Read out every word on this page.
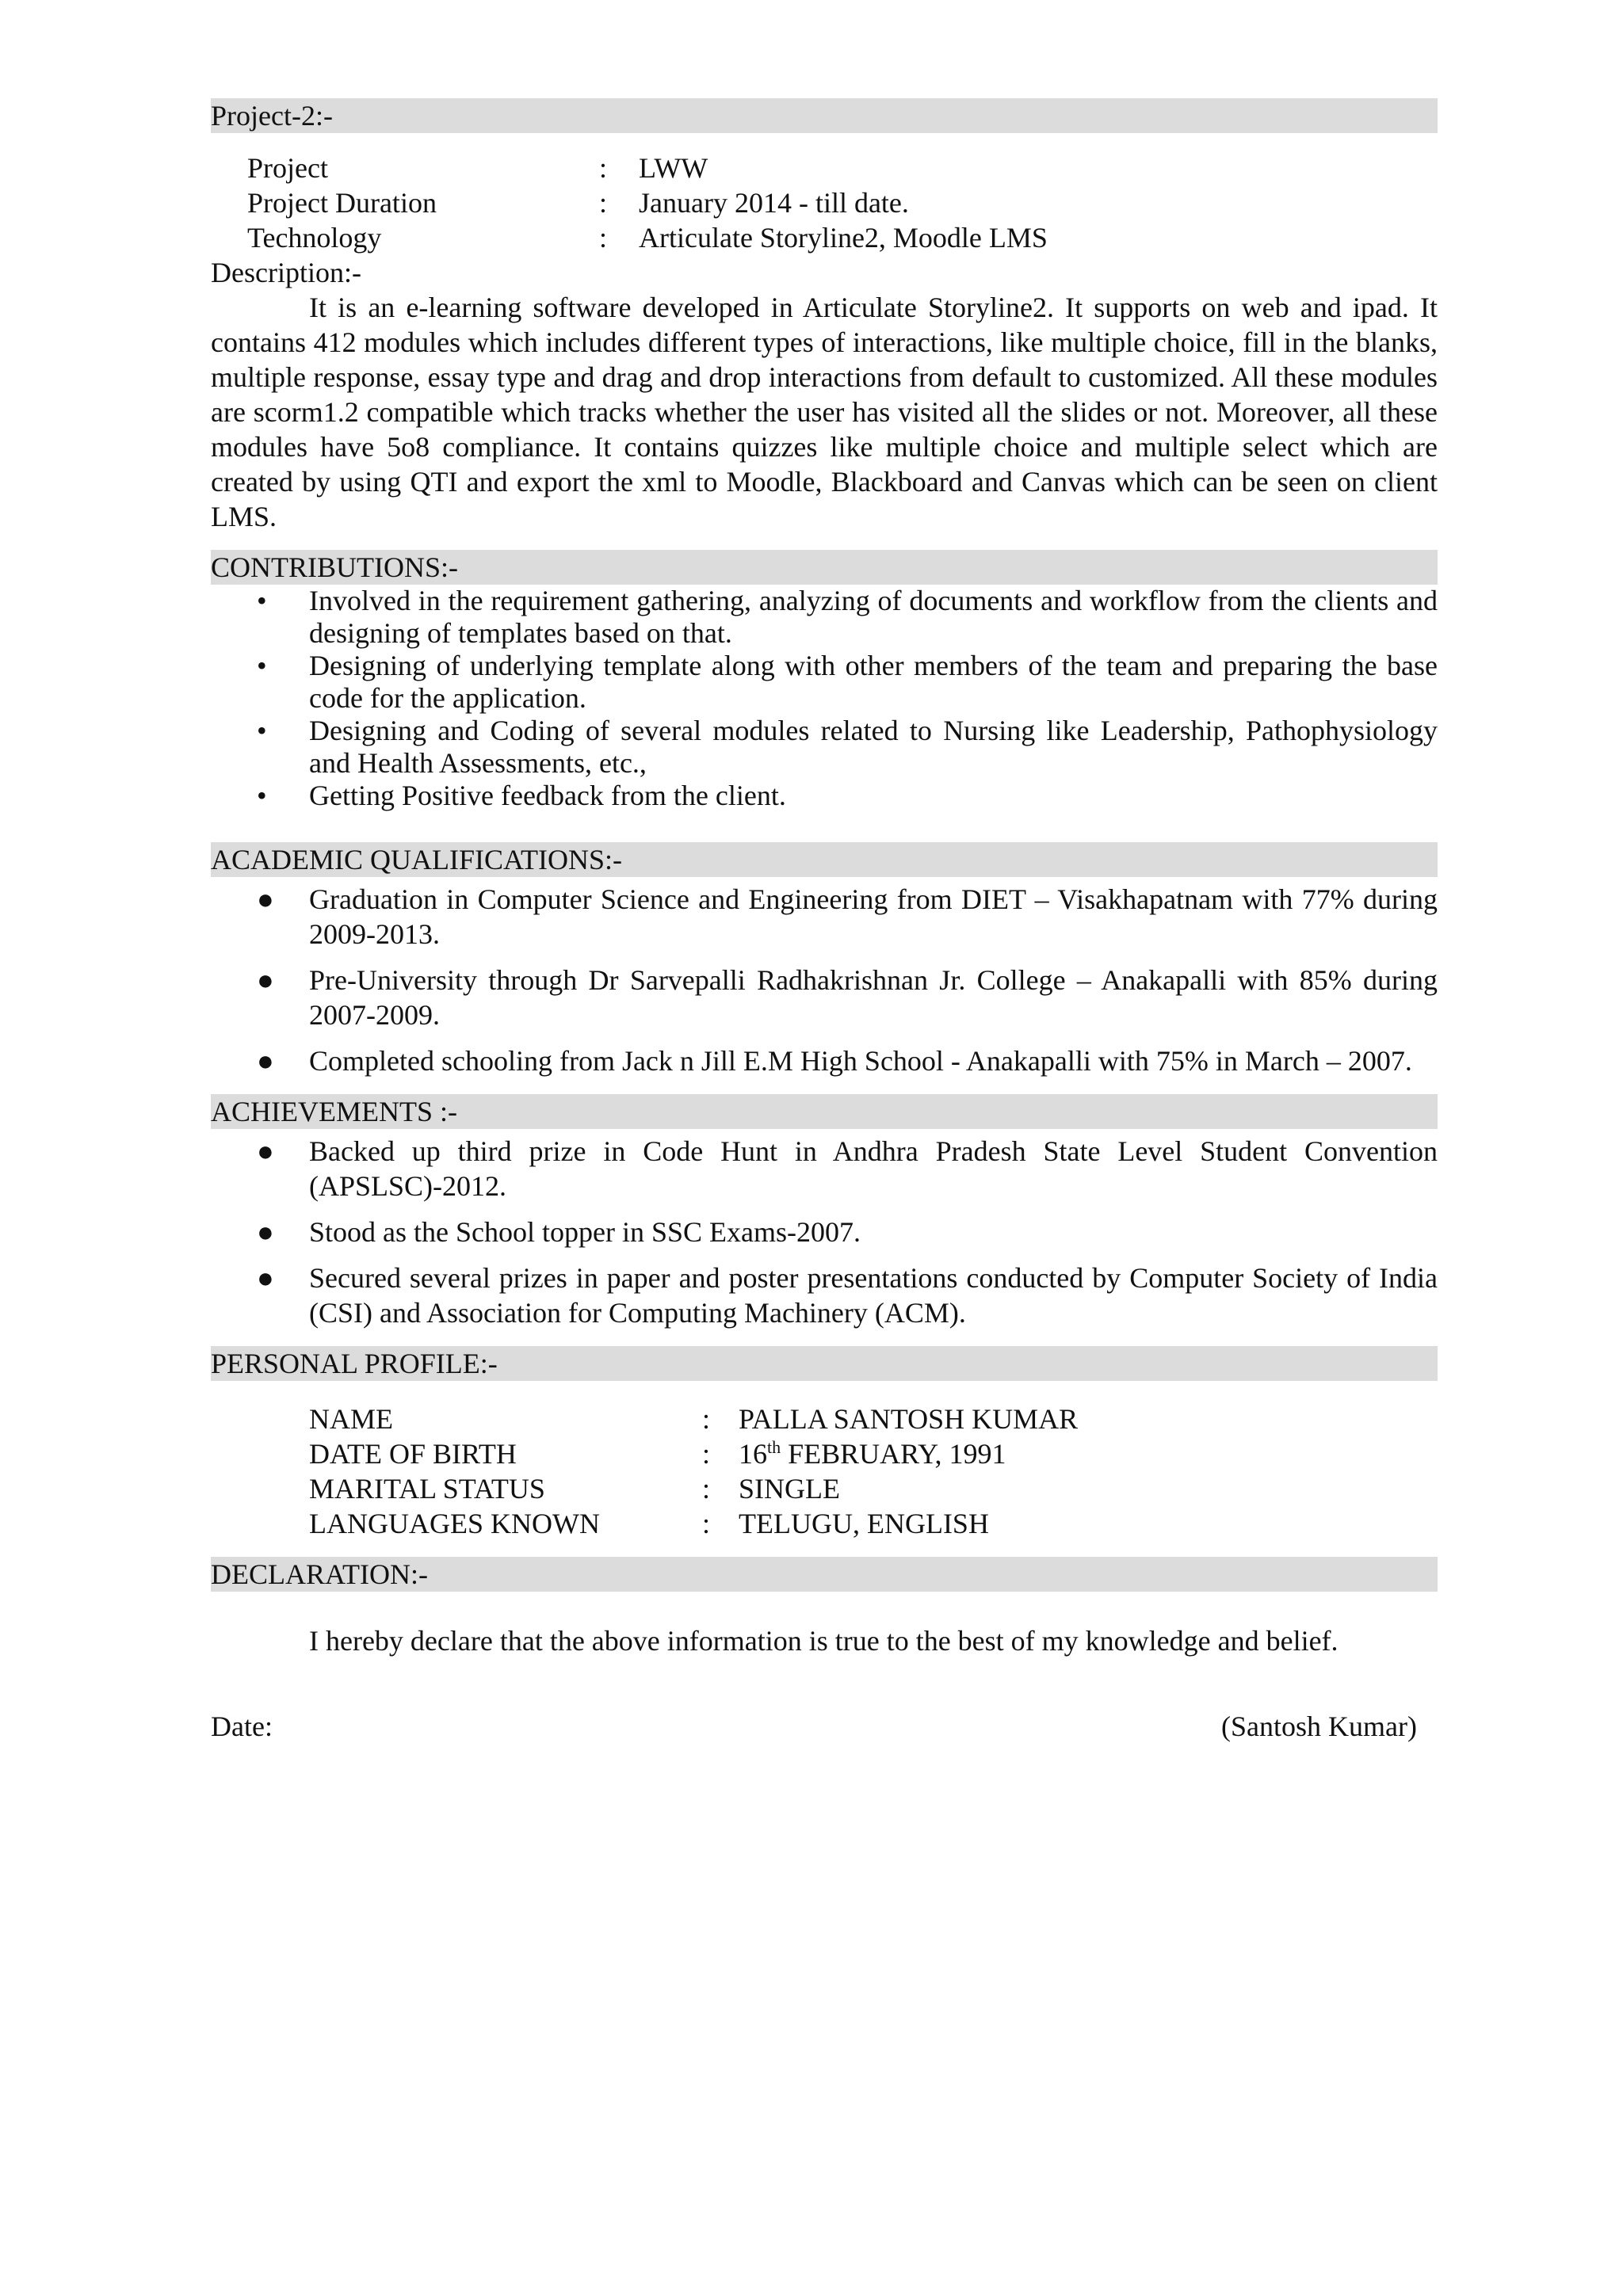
Project-2:-
Project	:	LWW
Project Duration	:	January 2014 - till date.
Technology	:	Articulate Storyline2, Moodle LMS
Description:-

It is an e-learning software developed in Articulate Storyline2. It supports on web and ipad. It contains 412 modules which includes different types of interactions, like multiple choice, fill in the blanks, multiple response, essay type and drag and drop interactions from default to customized. All these modules are scorm1.2 compatible which tracks whether the user has visited all the slides or not. Moreover, all these modules have 5o8 compliance. It contains quizzes like multiple choice and multiple select which are created by using QTI and export the xml to Moodle, Blackboard and Canvas which can be seen on client LMS.

CONTRIBUTIONS:-
• Involved in the requirement gathering, analyzing of documents and workflow from the clients and designing of templates based on that.
• Designing of underlying template along with other members of the team and preparing the base code for the application.
• Designing and Coding of several modules related to Nursing like Leadership, Pathophysiology and Health Assessments, etc.,
• Getting Positive feedback from the client.
ACADEMIC QUALIFICATIONS:-
● Graduation in Computer Science and Engineering from DIET – Visakhapatnam with 77% during 2009-2013.
● Pre-University through Dr Sarvepalli Radhakrishnan Jr. College – Anakapalli with 85% during 2007-2009.
● Completed schooling from Jack n Jill E.M High School - Anakapalli with 75% in March – 2007.
ACHIEVEMENTS :-
● Backed up third prize in Code Hunt in Andhra Pradesh State Level Student Convention (APSLSC)-2012.
● Stood as the School topper in SSC Exams-2007.
● Secured several prizes in paper and poster presentations conducted by Computer Society of India (CSI) and Association for Computing Machinery (ACM).
PERSONAL PROFILE:-
NAME	:	PALLA SANTOSH KUMAR
DATE OF BIRTH	:	16th FEBRUARY, 1991
MARITAL STATUS	:	SINGLE
LANGUAGES KNOWN	:	TELUGU, ENGLISH
DECLARATION:-
I hereby declare that the above information is true to the best of my knowledge and belief.
Date:	(Santosh Kumar)
